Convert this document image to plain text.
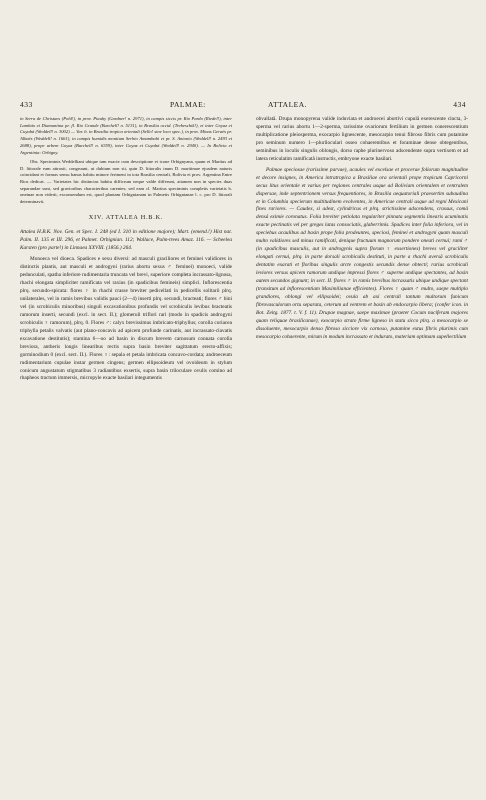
433	PALMAE:	ATTALEA.	434

in Serra de Christaes (Pohl!), in prov. Piauhy (Gardner! n. 2971), in campis siccis pr. Rio Pardo (Riedel!), inter Lambáo et Diamantina pr. fl. Rio Grande (Burchell! n. 5131), in Brasilia occid. (Trebeschik!), et inter Goyaz et Cuyabá (Weddell! n. 3002) — Var. b. in Brasilia tropica orientali (Sello! sine loco spec.), in prov. Minas Geraës pr. Albaës (Weddell! n. 1661), in campis humidis montium Serbio Amambahi et pr. S. Antonio (Weddell! n. 2493 et 2688), prope urbem Goyaz (Burchell! n. 6359), inter Goyaz et Cuyabá (Weddell! n. 2940). — In Bolivia et Argentinia: Orbigny.

Obs. Speciminis Weddelliani ubique tam exacte cum descriptione et icone Orbignyana, quam et Martius ad D. littorale eam attraxit, congruunt, ut dubium non sit, quin D. littoralis inum D. maritimae ejusdem naturis coincidant et formas sensu banus habitu minore ferimeni in tota Brasilia centrali, Bolivia et prov. Argentina Entre Rios dedicat. — Varietates hic distinctas habitu difficrum neque valde differunt, attamen non in species duas separandae sunt, sed gravioribus characteribus carentes; sed eam cl. Martius speciminis completis varietatis b. onetnae non viderit, exconsendum est, quod plantam Orbignianam in Palmetis Orbignianae l. c. pro D. littorali determinavit.

XIV. ATTALEA H.B.K.

Attalea H.B.K. Nov. Gen. et Spec. I. 248 (ed I. 310 in editione majore); Mart. (emend.!) Hist nat. Palm. II. 135 et III. 296, et Palmet. Orbignian. 112; Wallace, Palm-trees Amaz. 116. — Scheelea Karsten (pro parte!) in Linnaea XXVIII. (1856.) 264.

Monoeca vel dioeca. Spadices e sexu diversi: ad masculi graciliores et feminei validiores in distinctis plantis, aut masculi et androgyni (rarius abortu sexus ♂ feminei) monoeci, valide pedunculati, spatha inferiore rudimentaria truncata vel brevi, superiore completa incrassato-lignosa, rhachi elongata simpliciter ramificata vel raxius (in spadicibus femineis) simplici. Inflorescentia plrq. secundo-spicata: flores ♀ in rhachi crasse breviter pedicellati in pedicellis solitarii plrq. unilaterales, vel in ramis brevibus validis pauci (2—4) inserti plrq. secundi, bracteati; flores ♂ bini vel (in scrobiculis minoribus) singuli excavationibus profundis vel scrobiculis levibus bracteatis ramorum inserti, secundi (excl. in sect. II.); glomeruli triflori rari (modo in spadicis androgyni scrobiculis ♀ ramorum), plrq. 0. Flores ♂: calyx brevissimus imbricato-triphyllus; corolla coriacea triphylla petalis valvatis (aut plano-concavis ad apicem profunde carinatis, aut incrassato-clavatis excavatione destitutis); stamina 6—oo ad basin in discum brevem carnosum connata corolla breviora, antheris longis linearibus rectis supra basin breviter sagittatum erecto-affixis; gorminodium 0 (excl. sect. II.). Flores ♀: sepala et petala imbricata concavo-cordata; androeceum rudimentarium cupulae instar germen cingens; germen ellipsoideum vel ovoideum in stylum conicum angustatum stigmatibus 3 radiantibus exsertis, supra basin triloculare ovulis comino ad rhapheos tractum immersis, micropyle exacte basilari integumentis

obvallatâ. Drupa monopyrena valide induviata et androecei abortivi cupulâ exerescente cincta, 3-sperma vel rarius abortu 1—2-sperma, rarissime ovariorum fertilium in germen conerescentium multiplicatione pleiosperma, exocarpio lignescente, mesocarpio tenui fibroso fibris cum putamine pro seminum numero 1—pluriloculari osseo cohaerentibus et foraminae dense obtegentibus, seminibus in loculis singulis oblongis, dorso raphe plurinervoso adscendente supra vertixem et ad latera reticulatim ramificatâ instructis, embryone exacte basilari.

Palmae speciosae (rarissime parvae), acaules vel excelsae et procerae foliorum magnitudine et decore insignes, in America intratropica a Brasiliae ora orientali prope tropicum Capricorni secus litus orientale et varius per regiones centrales usque ad Boliviam orientalem et centralem dispersae, inde septentrionem versus frequentiores, in Brasilia aequatoriali praesertim subaudina et in Columbia specierum multitudinem evolventes, in Americae centrali usque ad regni Mexicani fines rariores. — Caudex, si adest, cylindricus et plrq. strictissime adscendens, crassus, comâ densâ eximie coronatus. Folia breviter petiolata regulariter pinnata segmentis linearis acuminatis exacte pectinatis vel per greges latas consociatis, glaberrimis. Spadices inter folia inferiora, vel in speciebus acaulibus ad basin prope folia prodeuntes, speciosi, feminei et androgyni quam masculi multo validiores sed minus ramificati, denique fructuum magnorum pondere oneati cernui; rami ♂ (in spadicibus masculis, aut in androgynis supra florum ♀ exsertiones) breves vel graciliter elongati cernui, plrq. in parte dorsali scrobiculis destituti, in parte a rhachi aversâ scrobiculis dentatim exarati et floribus singulis arcte congestis secundis dense obtecti; rarius scrobiculi leviores versus apicem ramorum undique impressi flores ♂ superne undique spectantes, ad basin autem secundos gignunt; in sect. II. flores ♂ in ramis brevibus incrassatis ubique undique spectant (transitum ad inflorescentiam Maximilianae efficientes). Flores ♀ quam ♂ multo, saepe multiplo grandiores, oblongi vel ellipsoidei; ovula ab axi centrali tantum multorum funicum fibrovasculorum ortu separata, ceterum ad ventrem et basin ab endocarpio libera; (confer icon. in Bot. Zeitg. 1877. t. V. f. 11). Drupae magnae, saepe maximae (praeter Cocum nuciferam majores quam reliquae brasilicanae), exocarpio strato firme ligneso in statu sicco plrq. a mesocarpio se dissoluente, mesocarpio denso fibroso sicciore vix carnoso, putamine extus fibris plurimis cum mesocarpio cohaerente, mirum in modum incrassato et indurato, materiam optimam supellectilium
